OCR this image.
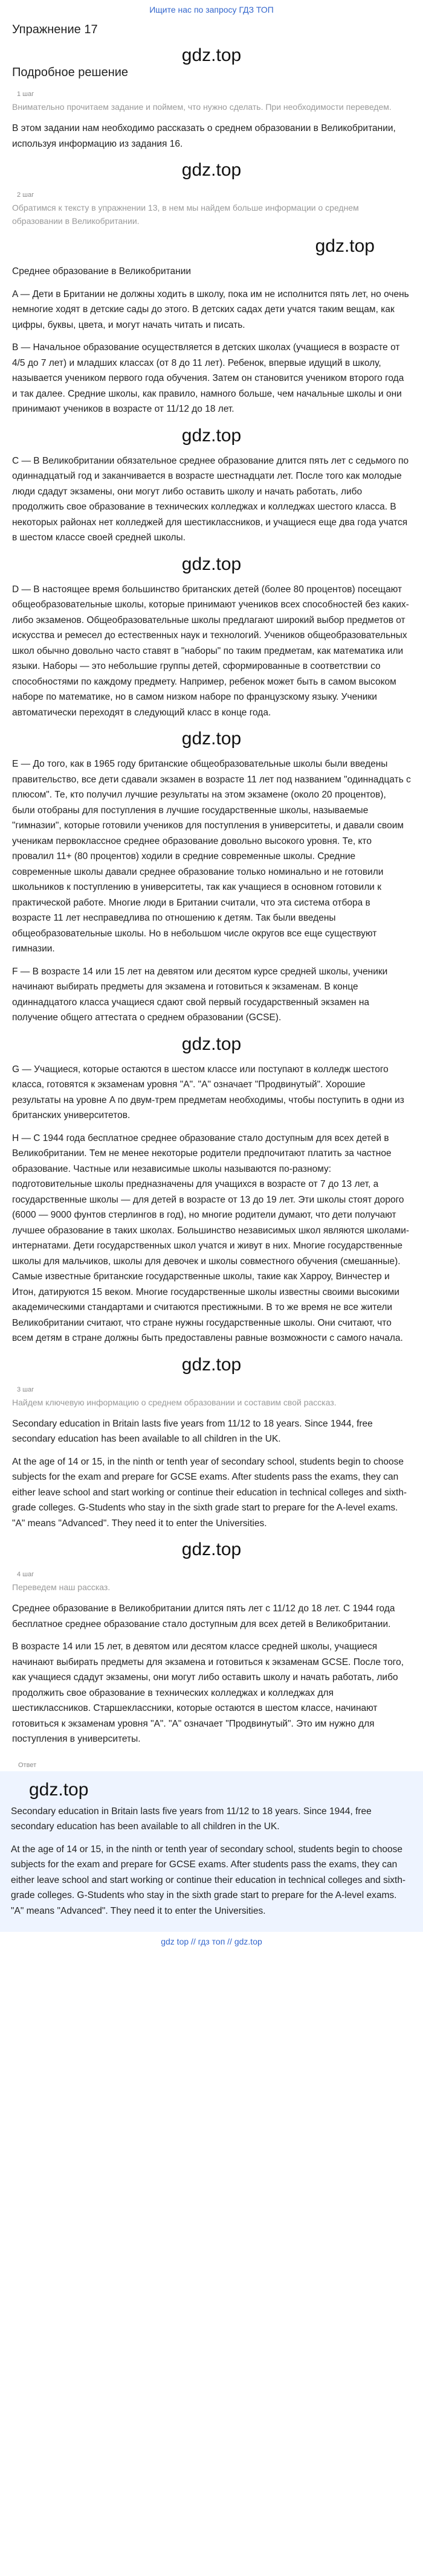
Ищите нас по запросу ГДЗ ТОП
Упражнение 17
gdz.top
Подробное решение
1 шаг
Внимательно прочитаем задание и поймем, что нужно сделать. При необходимости переведем.

В этом задании нам необходимо рассказать о среднем образовании в Великобритании, используя информацию из задания 16.

gdz.top
2 шаг
Обратимся к тексту в упражнении 13, в нем мы найдем больше информации о среднем образовании в Великобритании.
gdz.top

Среднее образование в Великобритании

A — Дети в Британии не должны ходить в школу, пока им не исполнится пять лет, но очень немногие ходят в детские сады до этого. В детских садах дети учатся таким вещам, как цифры, буквы, цвета, и могут начать читать и писать.

B — Начальное образование осуществляется в детских школах (учащиеся в возрасте от 4/5 до 7 лет) и младших классах (от 8 до 11 лет). Ребенок, впервые идущий в школу, называется учеником первого года обучения. Затем он становится учеником второго года и так далее. Средние школы, как правило, намного больше, чем начальные школы и они принимают учеников в возрасте от 11/12 до 18 лет.

gdz.top

C — В Великобритании обязательное среднее образование длится пять лет с седьмого по одиннадцатый год и заканчивается в возрасте шестнадцати лет. После того как молодые люди сдадут экзамены, они могут либо оставить школу и начать работать, либо продолжить свое образование в технических колледжах и колледжах шестого класса. В некоторых районах нет колледжей для шестиклассников, и учащиеся еще два года учатся в шестом классе своей средней школы.

gdz.top

D — В настоящее время большинство британских детей (более 80 процентов) посещают общеобразовательные школы, которые принимают учеников всех способностей без каких-либо экзаменов. Общеобразовательные школы предлагают широкий выбор предметов от искусства и ремесел до естественных наук и технологий. Учеников общеобразовательных школ обычно довольно часто ставят в "наборы" по таким предметам, как математика или языки. Наборы — это небольшие группы детей, сформированные в соответствии со способностями по каждому предмету. Например, ребенок может быть в самом высоком наборе по математике, но в самом низком наборе по французскому языку. Ученики автоматически переходят в следующий класс в конце года.

gdz.top

E — До того, как в 1965 году британские общеобразовательные школы были введены правительство, все дети сдавали экзамен в возрасте 11 лет под названием "одиннадцать с плюсом". Те, кто получил лучшие результаты на этом экзамене (около 20 процентов), были отобраны для поступления в лучшие государственные школы, называемые "гимназии", которые готовили учеников для поступления в университеты, и давали своим ученикам первоклассное среднее образование довольно высокого уровня. Те, кто провалил 11+ (80 процентов) ходили в средние современные школы. Средние современные школы давали среднее образование только номинально и не готовили школьников к поступлению в университеты, так как учащиеся в основном готовили к практической работе. Многие люди в Британии считали, что эта система отбора в возрасте 11 лет несправедлива по отношению к детям. Так были введены общеобразовательные школы. Но в небольшом числе округов все еще существуют гимназии.

F — В возрасте 14 или 15 лет на девятом или десятом курсе средней школы, ученики начинают выбирать предметы для экзамена и готовиться к экзаменам. В конце одиннадцатого класса учащиеся сдают свой первый государственный экзамен на получение общего аттестата о среднем образовании (GCSE).

gdz.top

G — Учащиеся, которые остаются в шестом классе или поступают в колледж шестого класса, готовятся к экзаменам уровня "A". "A" означает "Продвинутый". Хорошие результаты на уровне A по двум-трем предметам необходимы, чтобы поступить в одни из британских университетов.

H — С 1944 года бесплатное среднее образование стало доступным для всех детей в Великобритании. Тем не менее некоторые родители предпочитают платить за частное образование. Частные или независимые школы называются по-разному: подготовительные школы предназначены для учащихся в возрасте от 7 до 13 лет, а государственные школы — для детей в возрасте от 13 до 19 лет. Эти школы стоят дорого (6000 — 9000 фунтов стерлингов в год), но многие родители думают, что дети получают лучшее образование в таких школах. Большинство независимых школ являются школами-интернатами. Дети государственных школ учатся и живут в них. Многие государственные школы для мальчиков, школы для девочек и школы совместного обучения (смешанные). Самые известные британские государственные школы, такие как Харроу, Винчестер и Итон, датируются 15 веком. Многие государственные школы известны своими высокими академическими стандартами и считаются престижными. В то же время не все жители Великобритании считают, что стране нужны государственные школы. Они считают, что всем детям в стране должны быть предоставлены равные возможности с самого начала.

gdz.top
3 шаг
Найдем ключевую информацию о среднем образовании и составим свой рассказ.

Secondary education in Britain lasts five years from 11/12 to 18 years. Since 1944, free secondary education has been available to all children in the UK.

At the age of 14 or 15, in the ninth or tenth year of secondary school, students begin to choose subjects for the exam and prepare for GCSE exams. After students pass the exams, they can either leave school and start working or continue their education in technical colleges and sixth-grade colleges. G-Students who stay in the sixth grade start to prepare for the A-level exams. "A" means "Advanced". They need it to enter the Universities.

gdz.top
4 шаг
Переведем наш рассказ.

Среднее образование в Великобритании длится пять лет с 11/12 до 18 лет. С 1944 года бесплатное среднее образование стало доступным для всех детей в Великобритании.

В возрасте 14 или 15 лет, в девятом или десятом классе средней школы, учащиеся начинают выбирать предметы для экзамена и готовиться к экзаменам GCSE. После того, как учащиеся сдадут экзамены, они могут либо оставить школу и начать работать, либо продолжить свое образование в технических колледжах и колледжах для шестиклассников. Старшеклассники, которые остаются в шестом классе, начинают готовиться к экзаменам уровня "A". "A" означает "Продвинутый". Это им нужно для поступления в университеты.

Ответ
gdz.top

Secondary education in Britain lasts five years from 11/12 to 18 years. Since 1944, free secondary education has been available to all children in the UK.

At the age of 14 or 15, in the ninth or tenth year of secondary school, students begin to choose subjects for the exam and prepare for GCSE exams. After students pass the exams, they can either leave school and start working or continue their education in technical colleges and sixth-grade colleges. G-Students who stay in the sixth grade start to prepare for the A-level exams. "A" means "Advanced". They need it to enter the Universities.

gdz top // гдз топ // gdz.top
